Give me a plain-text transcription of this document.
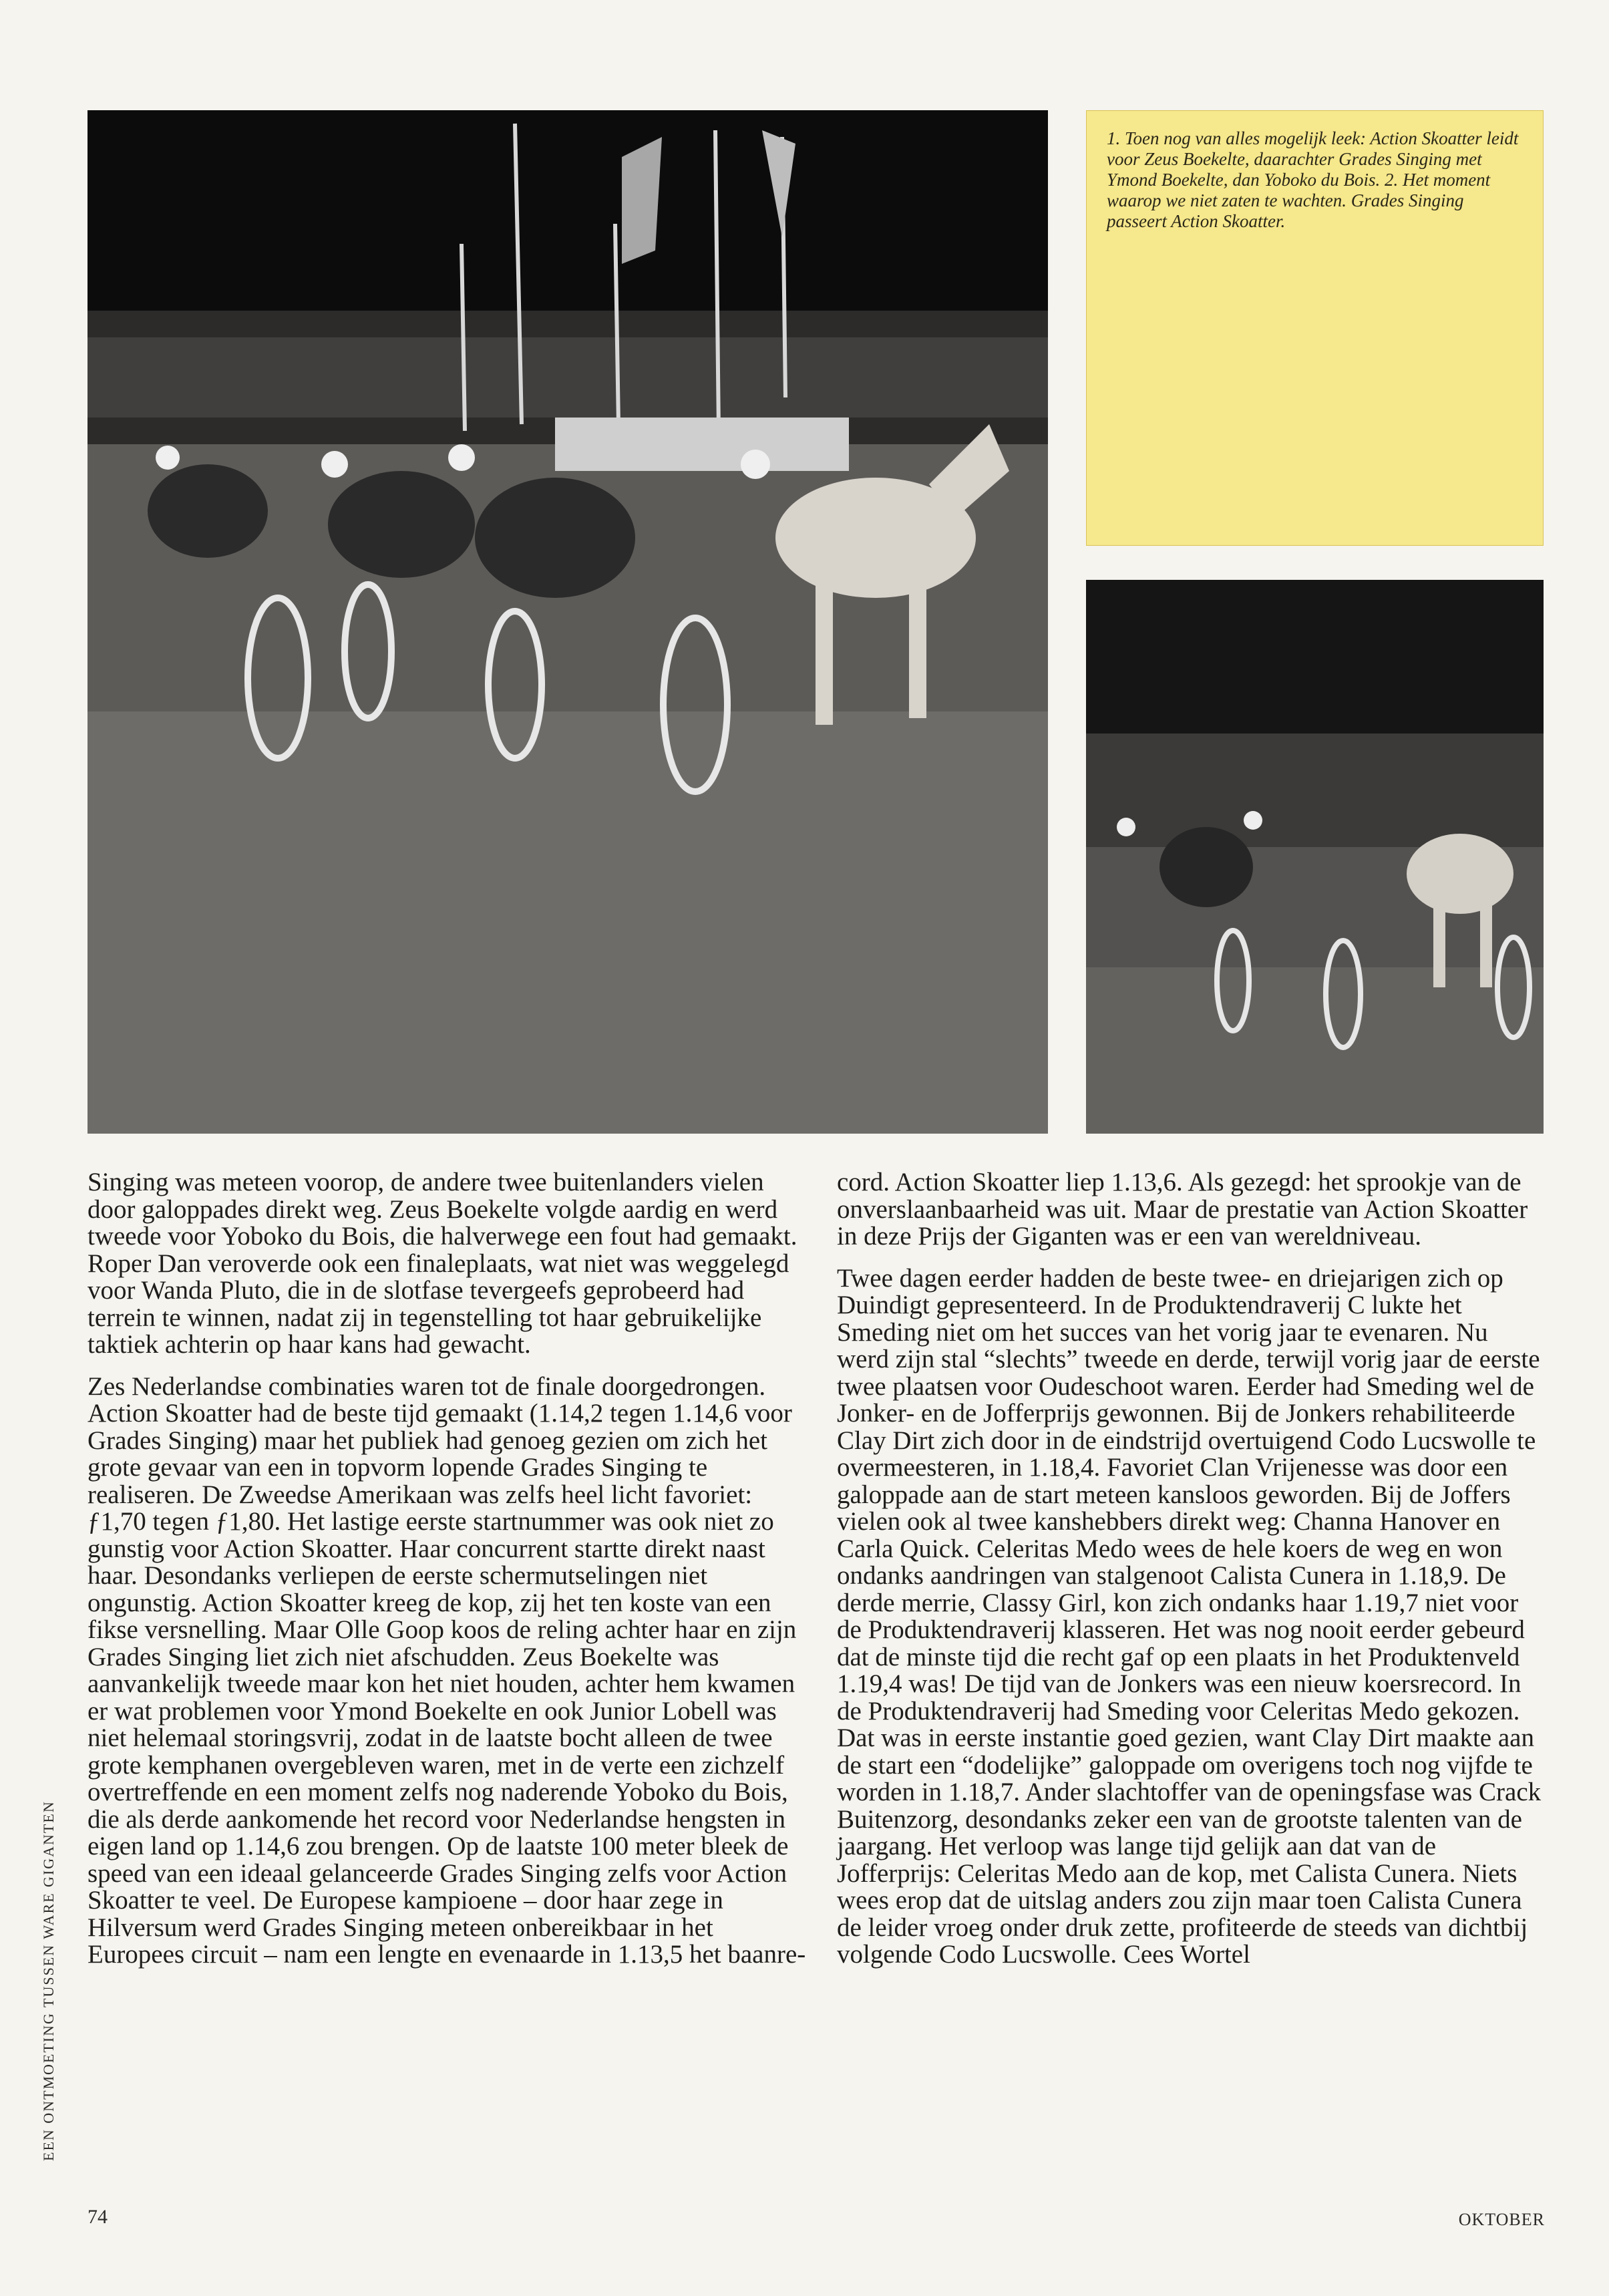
1. Toen nog van alles mogelijk leek: Action Skoatter leidt voor Zeus Boekelte, daarachter Grades Singing met Ymond Boekelte, dan Yoboko du Bois. 2. Het moment waarop we niet zaten te wachten. Grades Singing passeert Action Skoatter.

Singing was meteen voorop, de andere twee buitenlanders vielen door galoppades direkt weg. Zeus Boekelte volgde aardig en werd tweede voor Yoboko du Bois, die halverwege een fout had gemaakt. Roper Dan veroverde ook een finaleplaats, wat niet was weggelegd voor Wanda Pluto, die in de slotfase tevergeefs geprobeerd had terrein te winnen, nadat zij in tegenstelling tot haar gebruikelijke taktiek achterin op haar kans had gewacht.

Zes Nederlandse combinaties waren tot de finale doorgedrongen. Action Skoatter had de beste tijd gemaakt (1.14,2 tegen 1.14,6 voor Grades Singing) maar het publiek had genoeg gezien om zich het grote gevaar van een in topvorm lopende Grades Singing te realiseren. De Zweedse Amerikaan was zelfs heel licht favoriet: ƒ1,70 tegen ƒ1,80. Het lastige eerste startnummer was ook niet zo gunstig voor Action Skoatter. Haar concurrent startte direkt naast haar. Desondanks verliepen de eerste schermutselingen niet ongunstig. Action Skoatter kreeg de kop, zij het ten koste van een fikse versnelling. Maar Olle Goop koos de reling achter haar en zijn Grades Singing liet zich niet afschudden. Zeus Boekelte was aanvankelijk tweede maar kon het niet houden, achter hem kwamen er wat problemen voor Ymond Boekelte en ook Junior Lobell was niet helemaal storingsvrij, zodat in de laatste bocht alleen de twee grote kemphanen overgebleven waren, met in de verte een zichzelf overtreffende en een moment zelfs nog naderende Yoboko du Bois, die als derde aankomende het record voor Nederlandse hengsten in eigen land op 1.14,6 zou brengen. Op de laatste 100 meter bleek de speed van een ideaal gelanceerde Grades Singing zelfs voor Action Skoatter te veel. De Europese kampioene – door haar zege in Hilversum werd Grades Singing meteen onbereikbaar in het Europees circuit – nam een lengte en evenaarde in 1.13,5 het baanre-

cord. Action Skoatter liep 1.13,6. Als gezegd: het sprookje van de onverslaanbaarheid was uit. Maar de prestatie van Action Skoatter in deze Prijs der Giganten was er een van wereldniveau.

Twee dagen eerder hadden de beste twee- en driejarigen zich op Duindigt gepresenteerd. In de Produktendraverij C lukte het Smeding niet om het succes van het vorig jaar te evenaren. Nu werd zijn stal “slechts” tweede en derde, terwijl vorig jaar de eerste twee plaatsen voor Oudeschoot waren. Eerder had Smeding wel de Jonker- en de Jofferprijs gewonnen. Bij de Jonkers rehabiliteerde Clay Dirt zich door in de eindstrijd overtuigend Codo Lucswolle te overmeesteren, in 1.18,4. Favoriet Clan Vrijenesse was door een galoppade aan de start meteen kansloos geworden. Bij de Joffers vielen ook al twee kanshebbers direkt weg: Channa Hanover en Carla Quick. Celeritas Medo wees de hele koers de weg en won ondanks aandringen van stalgenoot Calista Cunera in 1.18,9. De derde merrie, Classy Girl, kon zich ondanks haar 1.19,7 niet voor de Produktendraverij klasseren. Het was nog nooit eerder gebeurd dat de minste tijd die recht gaf op een plaats in het Produktenveld 1.19,4 was! De tijd van de Jonkers was een nieuw koersrecord. In de Produktendraverij had Smeding voor Celeritas Medo gekozen. Dat was in eerste instantie goed gezien, want Clay Dirt maakte aan de start een “dodelijke” galoppade om overigens toch nog vijfde te worden in 1.18,7. Ander slachtoffer van de openingsfase was Crack Buitenzorg, desondanks zeker een van de grootste talenten van de jaargang. Het verloop was lange tijd gelijk aan dat van de Jofferprijs: Celeritas Medo aan de kop, met Calista Cunera. Niets wees erop dat de uitslag anders zou zijn maar toen Calista Cunera de leider vroeg onder druk zette, profiteerde de steeds van dichtbij volgende Codo Lucswolle. Cees Wortel

EEN ONTMOETING TUSSEN WARE GIGANTEN
74	OKTOBER
